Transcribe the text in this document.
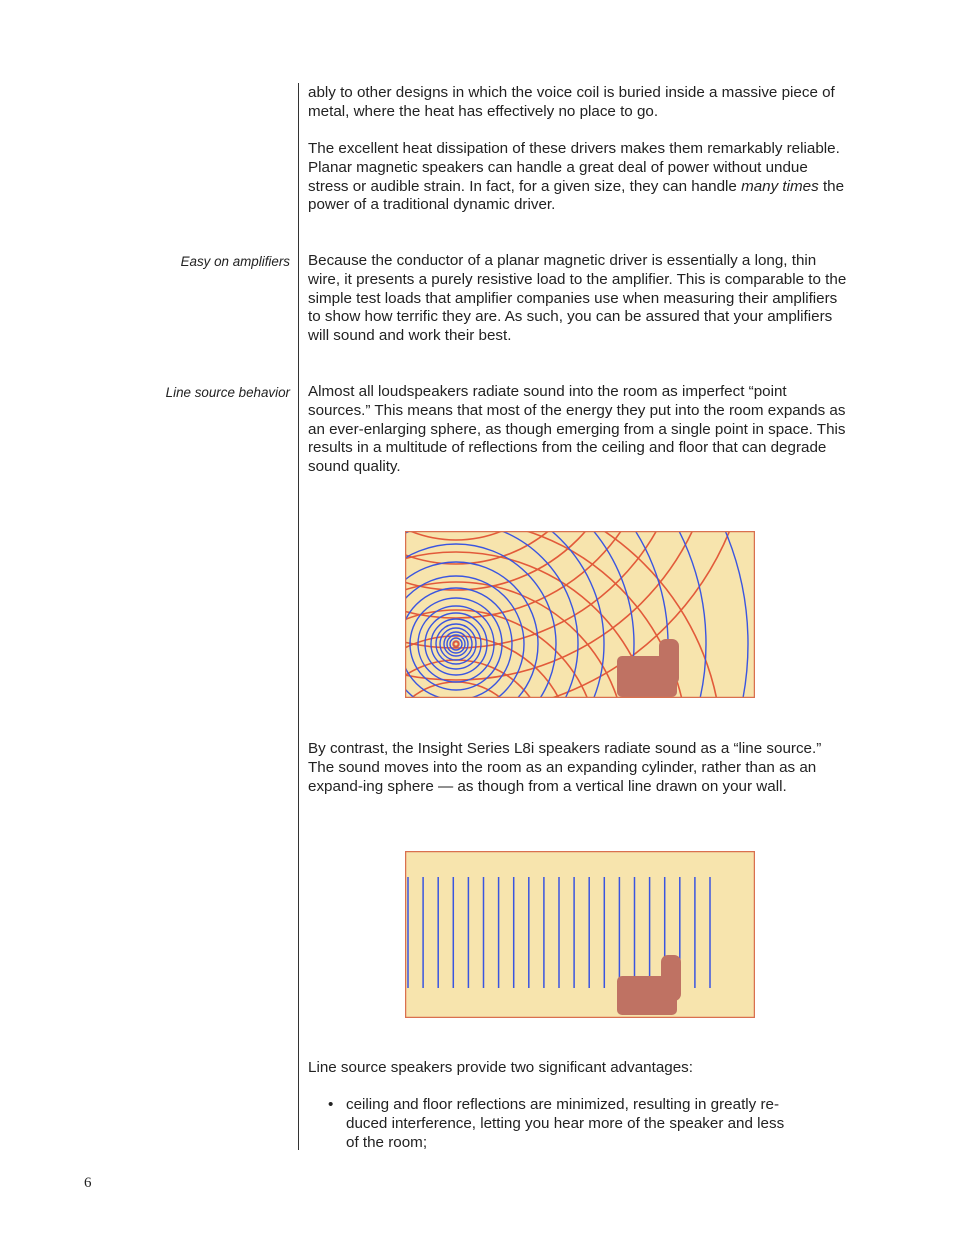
ably to other designs in which the voice coil is buried inside a massive piece of metal, where the heat has effectively no place to go.

The excellent heat dissipation of these drivers makes them remarkably reliable. Planar magnetic speakers can handle a great deal of power without undue stress or audible strain. In fact, for a given size, they can handle many times the power of a traditional dynamic driver.

Easy on amplifiers Because the conductor of a planar magnetic driver is essentially a long, thin wire, it presents a purely resistive load to the amplifier. This is comparable to the simple test loads that amplifier companies use when measuring their amplifiers to show how terrific they are. As such, you can be assured that your amplifiers will sound and work their best.

Line source behavior Almost all loudspeakers radiate sound into the room as imperfect “point sources.” This means that most of the energy they put into the room expands as an ever-enlarging sphere, as though emerging from a single point in space. This results in a multitude of reflections from the ceiling and floor that can degrade sound quality.

By contrast, the Insight Series L8i speakers radiate sound as a “line source.” The sound moves into the room as an expanding cylinder, rather than as an expand-ing sphere — as though from a vertical line drawn on your wall.

Line source speakers provide two significant advantages:

• ceiling and floor reflections are minimized, resulting in greatly re-duced interference, letting you hear more of the speaker and less of the room;
6
